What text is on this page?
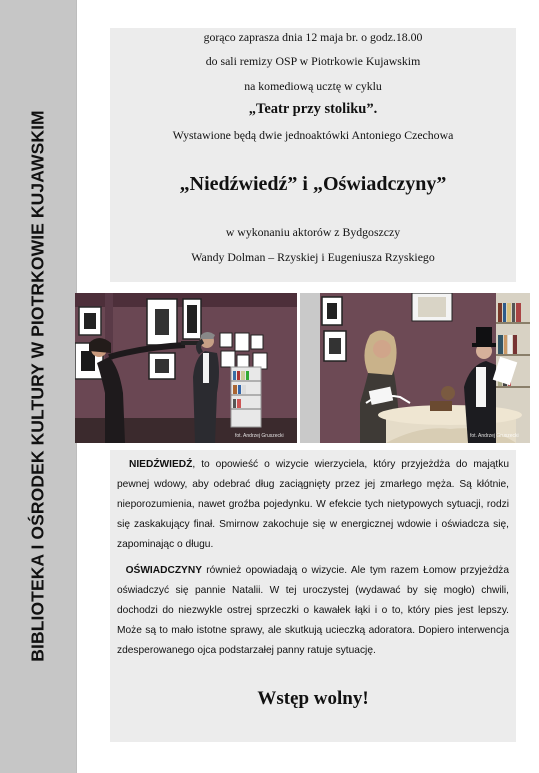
BIBLIOTEKA I OŚRODEK KULTURY W PIOTRKOWIE KUJAWSKIM
gorąco zaprasza dnia 12 maja br. o godz.18.00
do sali remizy OSP w Piotrkowie Kujawskim
na komediową ucztę w cyklu
„Teatr przy stoliku”.
Wystawione będą dwie jednoaktówki Antoniego Czechowa
„Niedźwiedź” i „Oświadczyny”
w wykonaniu aktorów z Bydgoszczy
Wandy Dolman – Rzyskiej i Eugeniusza Rzyskiego
fot. Andrzej Gruszecki	fot. Andrzej Gruszecki

NIEDŹWIEDŹ, to opowieść o wizycie wierzyciela, który przyjeżdża do majątku pewnej wdowy, aby odebrać dług zaciągnięty przez jej zmarłego męża. Są kłótnie, nieporozumienia, nawet groźba pojedynku. W efekcie tych nietypowych sytuacji, rodzi się zaskakujący finał. Smirnow zakochuje się w energicznej wdowie i oświadcza się, zapominając o długu.

OŚWIADCZYNY również opowiadają o wizycie. Ale tym razem Łomow przyjeżdża oświadczyć się pannie Natalii. W tej uroczystej (wydawać by się mogło) chwili, dochodzi do niezwykle ostrej sprzeczki o kawałek łąki i o to, który pies jest lepszy. Może są to mało istotne sprawy, ale skutkują ucieczką adoratora. Dopiero interwencja zdesperowanego ojca podstarzałej panny ratuje sytuację.

Wstęp wolny!
